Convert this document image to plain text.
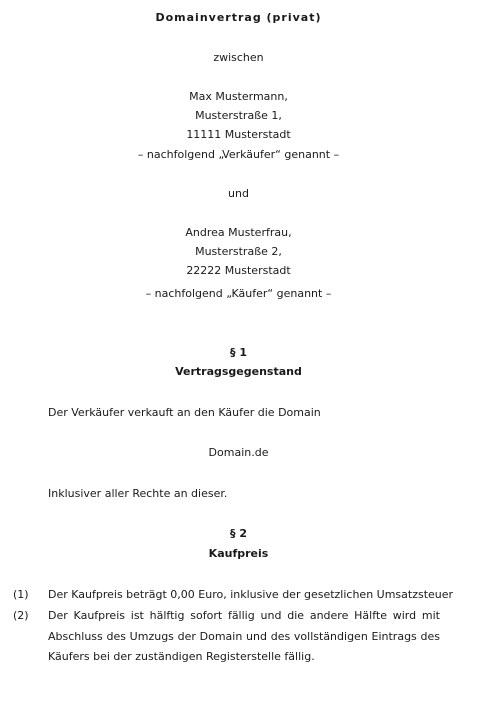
Domainvertrag (privat)
zwischen
Max Mustermann,
Musterstraße 1,
11111 Musterstadt
– nachfolgend „Verkäufer“ genannt –
und
Andrea Musterfrau,
Musterstraße 2,
22222 Musterstadt
– nachfolgend „Käufer“ genannt –
§ 1
Vertragsgegenstand
Der Verkäufer verkauft an den Käufer die Domain
Domain.de
Inklusiver aller Rechte an dieser.
§ 2
Kaufpreis
(1) Der Kaufpreis beträgt 0,00 Euro, inklusive der gesetzlichen Umsatzsteuer
(2) Der Kaufpreis ist hälftig sofort fällig und die andere Hälfte wird mit
Abschluss des Umzugs der Domain und des vollständigen Eintrags des
Käufers bei der zuständigen Registerstelle fällig.
